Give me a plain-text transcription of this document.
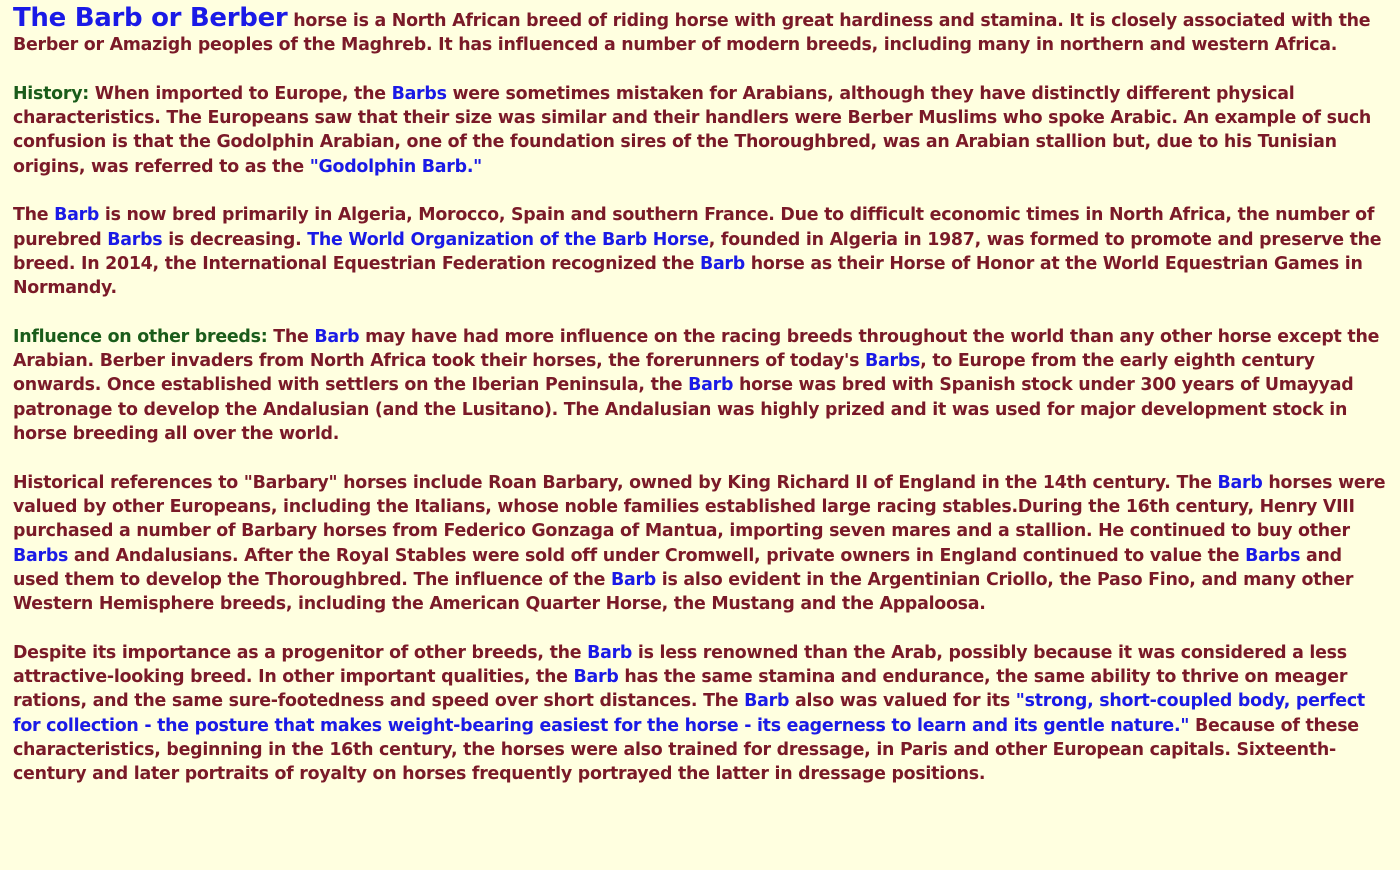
The Barb or Berber horse is a North African breed of riding horse with great hardiness and stamina. It is closely associated with the Berber or Amazigh peoples of the Maghreb. It has influenced a number of modern breeds, including many in northern and western Africa.

History: When imported to Europe, the Barbs were sometimes mistaken for Arabians, although they have distinctly different physical characteristics. The Europeans saw that their size was similar and their handlers were Berber Muslims who spoke Arabic. An example of such confusion is that the Godolphin Arabian, one of the foundation sires of the Thoroughbred, was an Arabian stallion but, due to his Tunisian origins, was referred to as the "Godolphin Barb."

The Barb is now bred primarily in Algeria, Morocco, Spain and southern France. Due to difficult economic times in North Africa, the number of purebred Barbs is decreasing. The World Organization of the Barb Horse, founded in Algeria in 1987, was formed to promote and preserve the breed. In 2014, the International Equestrian Federation recognized the Barb horse as their Horse of Honor at the World Equestrian Games in Normandy.

Influence on other breeds: The Barb may have had more influence on the racing breeds throughout the world than any other horse except the Arabian. Berber invaders from North Africa took their horses, the forerunners of today's Barbs, to Europe from the early eighth century onwards. Once established with settlers on the Iberian Peninsula, the Barb horse was bred with Spanish stock under 300 years of Umayyad patronage to develop the Andalusian (and the Lusitano). The Andalusian was highly prized and it was used for major development stock in horse breeding all over the world.

Historical references to "Barbary" horses include Roan Barbary, owned by King Richard II of England in the 14th century. The Barb horses were valued by other Europeans, including the Italians, whose noble families established large racing stables.During the 16th century, Henry VIII purchased a number of Barbary horses from Federico Gonzaga of Mantua, importing seven mares and a stallion. He continued to buy other Barbs and Andalusians. After the Royal Stables were sold off under Cromwell, private owners in England continued to value the Barbs and used them to develop the Thoroughbred. The influence of the Barb is also evident in the Argentinian Criollo, the Paso Fino, and many other Western Hemisphere breeds, including the American Quarter Horse, the Mustang and the Appaloosa.

Despite its importance as a progenitor of other breeds, the Barb is less renowned than the Arab, possibly because it was considered a less attractive-looking breed. In other important qualities, the Barb has the same stamina and endurance, the same ability to thrive on meager rations, and the same sure-footedness and speed over short distances. The Barb also was valued for its "strong, short-coupled body, perfect for collection - the posture that makes weight-bearing easiest for the horse - its eagerness to learn and its gentle nature." Because of these characteristics, beginning in the 16th century, the horses were also trained for dressage, in Paris and other European capitals. Sixteenth-century and later portraits of royalty on horses frequently portrayed the latter in dressage positions.
